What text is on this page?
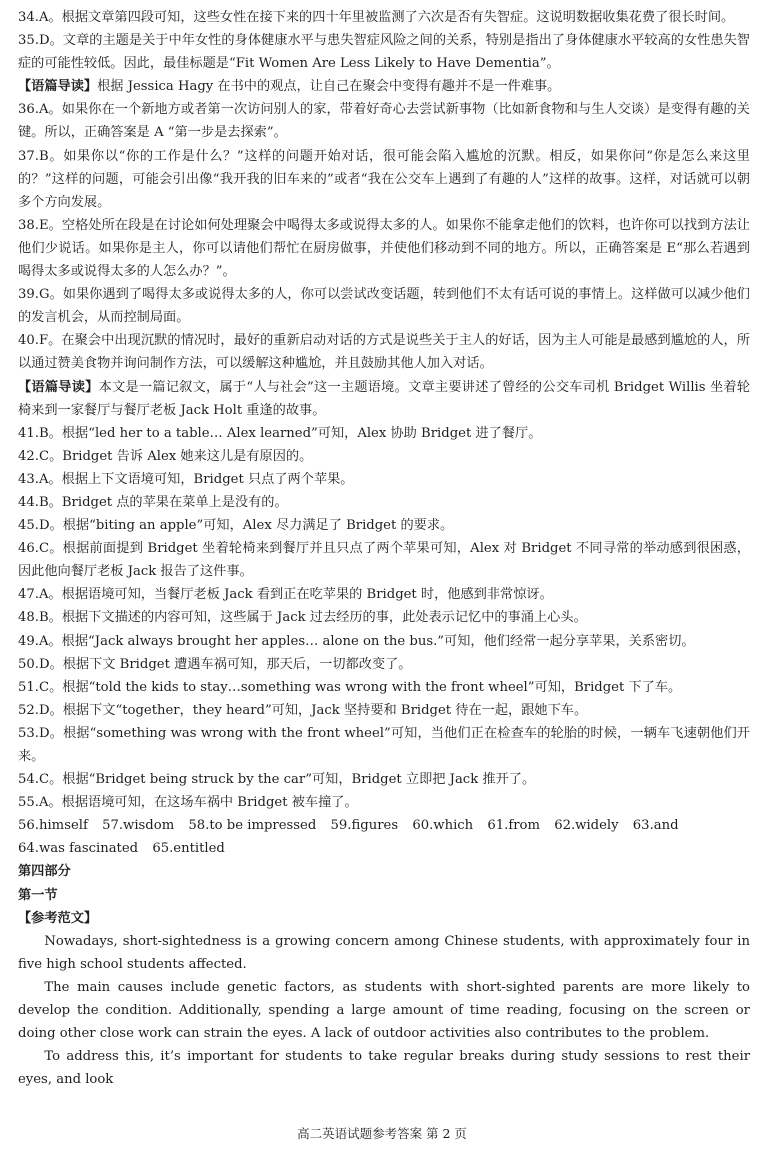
34.A。根据文章第四段可知，这些女性在接下来的四十年里被监测了六次是否有失智症。这说明数据收集花费了很长时间。

35.D。文章的主题是关于中年女性的身体健康水平与患失智症风险之间的关系，特别是指出了身体健康水平较高的女性患失智症的可能性较低。因此，最佳标题是“Fit Women Are Less Likely to Have Dementia”。

【语篇导读】根据 Jessica Hagy 在书中的观点，让自己在聚会中变得有趣并不是一件难事。

36.A。如果你在一个新地方或者第一次访问别人的家，带着好奇心去尝试新事物（比如新食物和与生人交谈）是变得有趣的关键。所以，正确答案是 A “第一步是去探索”。

37.B。如果你以“你的工作是什么？”这样的问题开始对话，很可能会陷入尴尬的沉默。相反，如果你问“你是怎么来这里的？”这样的问题，可能会引出像“我开我的旧车来的”或者“我在公交车上遇到了有趣的人”这样的故事。这样，对话就可以朝多个方向发展。

38.E。空格处所在段是在讨论如何处理聚会中喝得太多或说得太多的人。如果你不能拿走他们的饮料，也许你可以找到方法让他们少说话。如果你是主人，你可以请他们帮忙在厨房做事，并使他们移动到不同的地方。所以，正确答案是 E“那么若遇到喝得太多或说得太多的人怎么办？”。

39.G。如果你遇到了喝得太多或说得太多的人，你可以尝试改变话题，转到他们不太有话可说的事情上。这样做可以减少他们的发言机会，从而控制局面。

40.F。在聚会中出现沉默的情况时，最好的重新启动对话的方式是说些关于主人的好话，因为主人可能是最感到尴尬的人，所以通过赞美食物并询问制作方法，可以缓解这种尴尬，并且鼓励其他人加入对话。

【语篇导读】本文是一篇记叙文，属于“人与社会”这一主题语境。文章主要讲述了曾经的公交车司机 Bridget Willis 坐着轮椅来到一家餐厅与餐厅老板 Jack Holt 重逢的故事。

41.B。根据“led her to a table… Alex learned”可知，Alex 协助 Bridget 进了餐厅。

42.C。Bridget 告诉 Alex 她来这儿是有原因的。

43.A。根据上下文语境可知，Bridget 只点了两个苹果。

44.B。Bridget 点的苹果在菜单上是没有的。

45.D。根据“biting an apple”可知，Alex 尽力满足了 Bridget 的要求。

46.C。根据前面提到 Bridget 坐着轮椅来到餐厅并且只点了两个苹果可知，Alex 对 Bridget 不同寻常的举动感到很困惑，因此他向餐厅老板 Jack 报告了这件事。

47.A。根据语境可知，当餐厅老板 Jack 看到正在吃苹果的 Bridget 时，他感到非常惊讶。

48.B。根据下文描述的内容可知，这些属于 Jack 过去经历的事，此处表示记忆中的事涌上心头。

49.A。根据“Jack always brought her apples… alone on the bus.”可知，他们经常一起分享苹果，关系密切。

50.D。根据下文 Bridget 遭遇车祸可知，那天后，一切都改变了。

51.C。根据“told the kids to stay…something was wrong with the front wheel”可知，Bridget 下了车。

52.D。根据下文“together，they heard”可知，Jack 坚持要和 Bridget 待在一起，跟她下车。

53.D。根据“something was wrong with the front wheel”可知，当他们正在检查车的轮胎的时候，一辆车飞速朝他们开来。

54.C。根据“Bridget being struck by the car”可知，Bridget 立即把 Jack 推开了。

55.A。根据语境可知，在这场车祸中 Bridget 被车撞了。

56.himself 57.wisdom 58.to be impressed 59.figures 60.which 61.from 62.widely 63.and

64.was fascinated 65.entitled

第四部分

第一节

【参考范文】

Nowadays, short-sightedness is a growing concern among Chinese students, with approximately four in five high school students affected.

The main causes include genetic factors, as students with short-sighted parents are more likely to develop the condition. Additionally, spending a large amount of time reading, focusing on the screen or doing other close work can strain the eyes. A lack of outdoor activities also contributes to the problem.

To address this, it’s important for students to take regular breaks during study sessions to rest their eyes, and look

高二英语试题参考答案 第 2 页
